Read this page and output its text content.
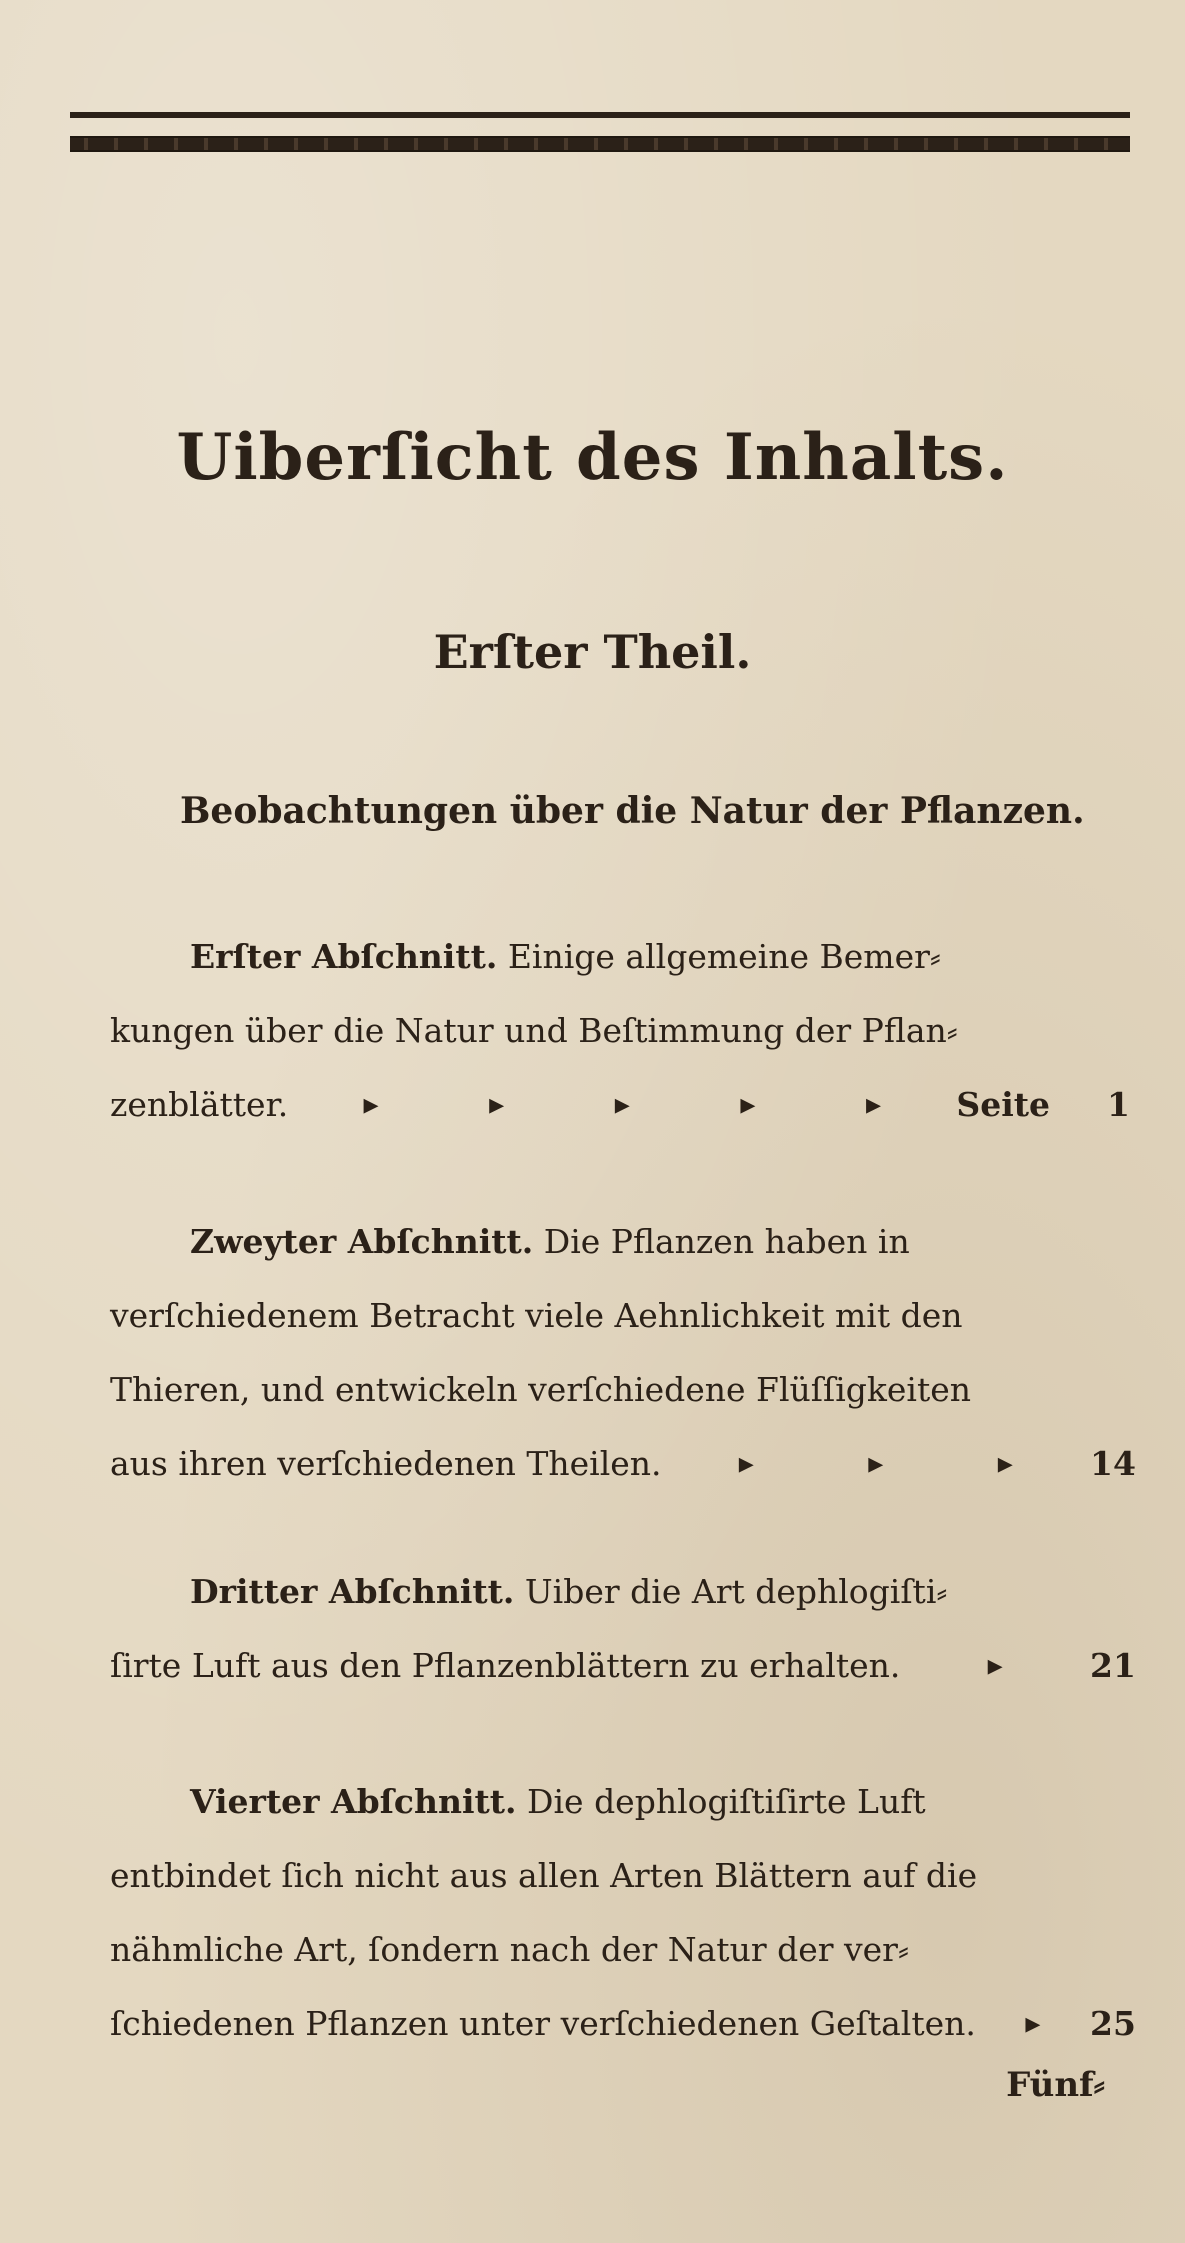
Uiberſicht des Inhalts.
Erſter Theil.
Beobachtungen über die Natur der Pflanzen.
Erſter Abſchnitt. Einige allgemeine Bemer⸗
kungen über die Natur und Beſtimmung der Pflan⸗
zenblätter.	▸	▸	▸	▸	▸ Seite	1
Zweyter Abſchnitt. Die Pflanzen haben in
verſchiedenem Betracht viele Aehnlichkeit mit den
Thieren, und entwickeln verſchiedene Flüſſigkeiten
aus ihren verſchiedenen Theilen.	▸	▸	▸ 14
Dritter Abſchnitt. Uiber die Art dephlogiſti⸗
ſirte Luft aus den Pflanzenblättern zu erhalten.	▸	21
Vierter Abſchnitt. Die dephlogiſtiſirte Luft
entbindet ſich nicht aus allen Arten Blättern auf die
nähmliche Art, ſondern nach der Natur der ver⸗
ſchiedenen Pflanzen unter verſchiedenen Geſtalten. ▸ 25
Fünf⸗
